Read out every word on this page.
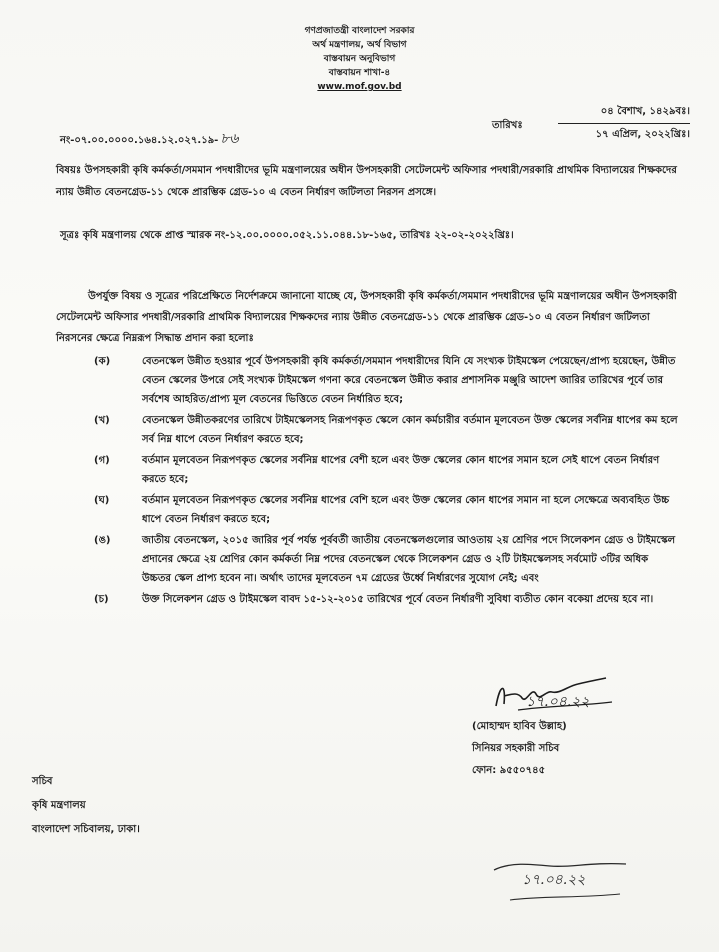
গণপ্রজাতন্ত্রী বাংলাদেশ সরকার
অর্থ মন্ত্রণালয়, অর্থ বিভাগ
বাস্তবায়ন অনুবিভাগ
বাস্তবায়ন শাখা-৪
www.mof.gov.bd
নং-০৭.০০.০০০০.১৬৪.১২.০২৭.১৯- ৮৬
তারিখঃ
০৪ বৈশাখ, ১৪২৯বঃ।
১৭ এপ্রিল, ২০২২খ্রিঃ।
বিষয়ঃ উপসহকারী কৃষি কর্মকর্তা/সমমান পদধারীদের ভূমি মন্ত্রণালয়ের অধীন উপসহকারী সেটেলমেন্ট অফিসার পদধারী/সরকারি প্রাথমিক বিদ্যালয়ের শিক্ষকদের ন্যায় উন্নীত বেতনগ্রেড-১১ থেকে প্রারম্ভিক গ্রেড-১০ এ বেতন নির্ধারণ জটিলতা নিরসন প্রসঙ্গে।
সূত্রঃ কৃষি মন্ত্রণালয় থেকে প্রাপ্ত স্মারক নং-১২.০০.০০০০.০৫২.১১.০৪৪.১৮-১৬৫, তারিখঃ ২২-০২-২০২২খ্রিঃ।
উপর্যুক্ত বিষয় ও সূত্রের পরিপ্রেক্ষিতে নির্দেশক্রমে জানানো যাচ্ছে যে, উপসহকারী কৃষি কর্মকর্তা/সমমান পদধারীদের ভূমি মন্ত্রণালয়ের অধীন উপসহকারী সেটেলমেন্ট অফিসার পদধারী/সরকারি প্রাথমিক বিদ্যালয়ের শিক্ষকদের ন্যায় উন্নীত বেতনগ্রেড-১১ থেকে প্রারম্ভিক গ্রেড-১০ এ বেতন নির্ধারণ জটিলতা নিরসনের ক্ষেত্রে নিম্নরূপ সিদ্ধান্ত প্রদান করা হলোঃ
(ক)	বেতনস্কেল উন্নীত হওয়ার পূর্বে উপসহকারী কৃষি কর্মকর্তা/সমমান পদধারীদের যিনি যে সংখ্যক টাইমস্কেল পেয়েছেন/প্রাপ্য হয়েছেন, উন্নীত বেতন স্কেলের উপরে সেই সংখ্যক টাইমস্কেল গণনা করে বেতনস্কেল উন্নীত করার প্রশাসনিক মঞ্জুরি আদেশ জারির তারিখের পূর্বে তার সর্বশেষ আহরিত/প্রাপ্য মূল বেতনের ভিত্তিতে বেতন নির্ধারিত হবে;
(খ)	বেতনস্কেল উন্নীতকরণের তারিখে টাইমস্কেলসহ নিরূপণকৃত স্কেলে কোন কর্মচারীর বর্তমান মূলবেতন উক্ত স্কেলের সর্বনিম্ন ধাপের কম হলে সর্ব নিম্ন ধাপে বেতন নির্ধারণ করতে হবে;
(গ)	বর্তমান মূলবেতন নিরূপণকৃত স্কেলের সর্বনিম্ন ধাপের বেশী হলে এবং উক্ত স্কেলের কোন ধাপের সমান হলে সেই ধাপে বেতন নির্ধারণ করতে হবে;
(ঘ)	বর্তমান মূলবেতন নিরূপণকৃত স্কেলের সর্বনিম্ন ধাপের বেশি হলে এবং উক্ত স্কেলের কোন ধাপের সমান না হলে সেক্ষেত্রে অব্যবহিত উচ্চ ধাপে বেতন নির্ধারণ করতে হবে;
(ঙ)	জাতীয় বেতনস্কেল, ২০১৫ জারির পূর্ব পর্যন্ত পূর্ববর্তী জাতীয় বেতনস্কেলগুলোর আওতায় ২য় শ্রেণির পদে সিলেকশন গ্রেড ও টাইমস্কেল প্রদানের ক্ষেত্রে ২য় শ্রেণির কোন কর্মকর্তা নিম্ন পদের বেতনস্কেল থেকে সিলেকশন গ্রেড ও ২টি টাইমস্কেলসহ সর্বমোট ৩টির অধিক উচ্চতর স্কেল প্রাপ্য হবেন না। অর্থাৎ তাদের মূলবেতন ৭ম গ্রেডের উর্ধ্বে নির্ধারণের সুযোগ নেই; এবং
(চ)	উক্ত সিলেকশন গ্রেড ও টাইমস্কেল বাবদ ১৫-১২-২০১৫ তারিখের পূর্বে বেতন নির্ধারণী সুবিধা ব্যতীত কোন বকেয়া প্রদেয় হবে না।
১৭.০৪.২২
(মোহাম্মদ হাবিব উল্লাহ)
সিনিয়র সহকারী সচিব
ফোন: ৯৫৫০৭৪৫
সচিব
কৃষি মন্ত্রণালয়
বাংলাদেশ সচিবালয়, ঢাকা।
১৭.০৪.২২
